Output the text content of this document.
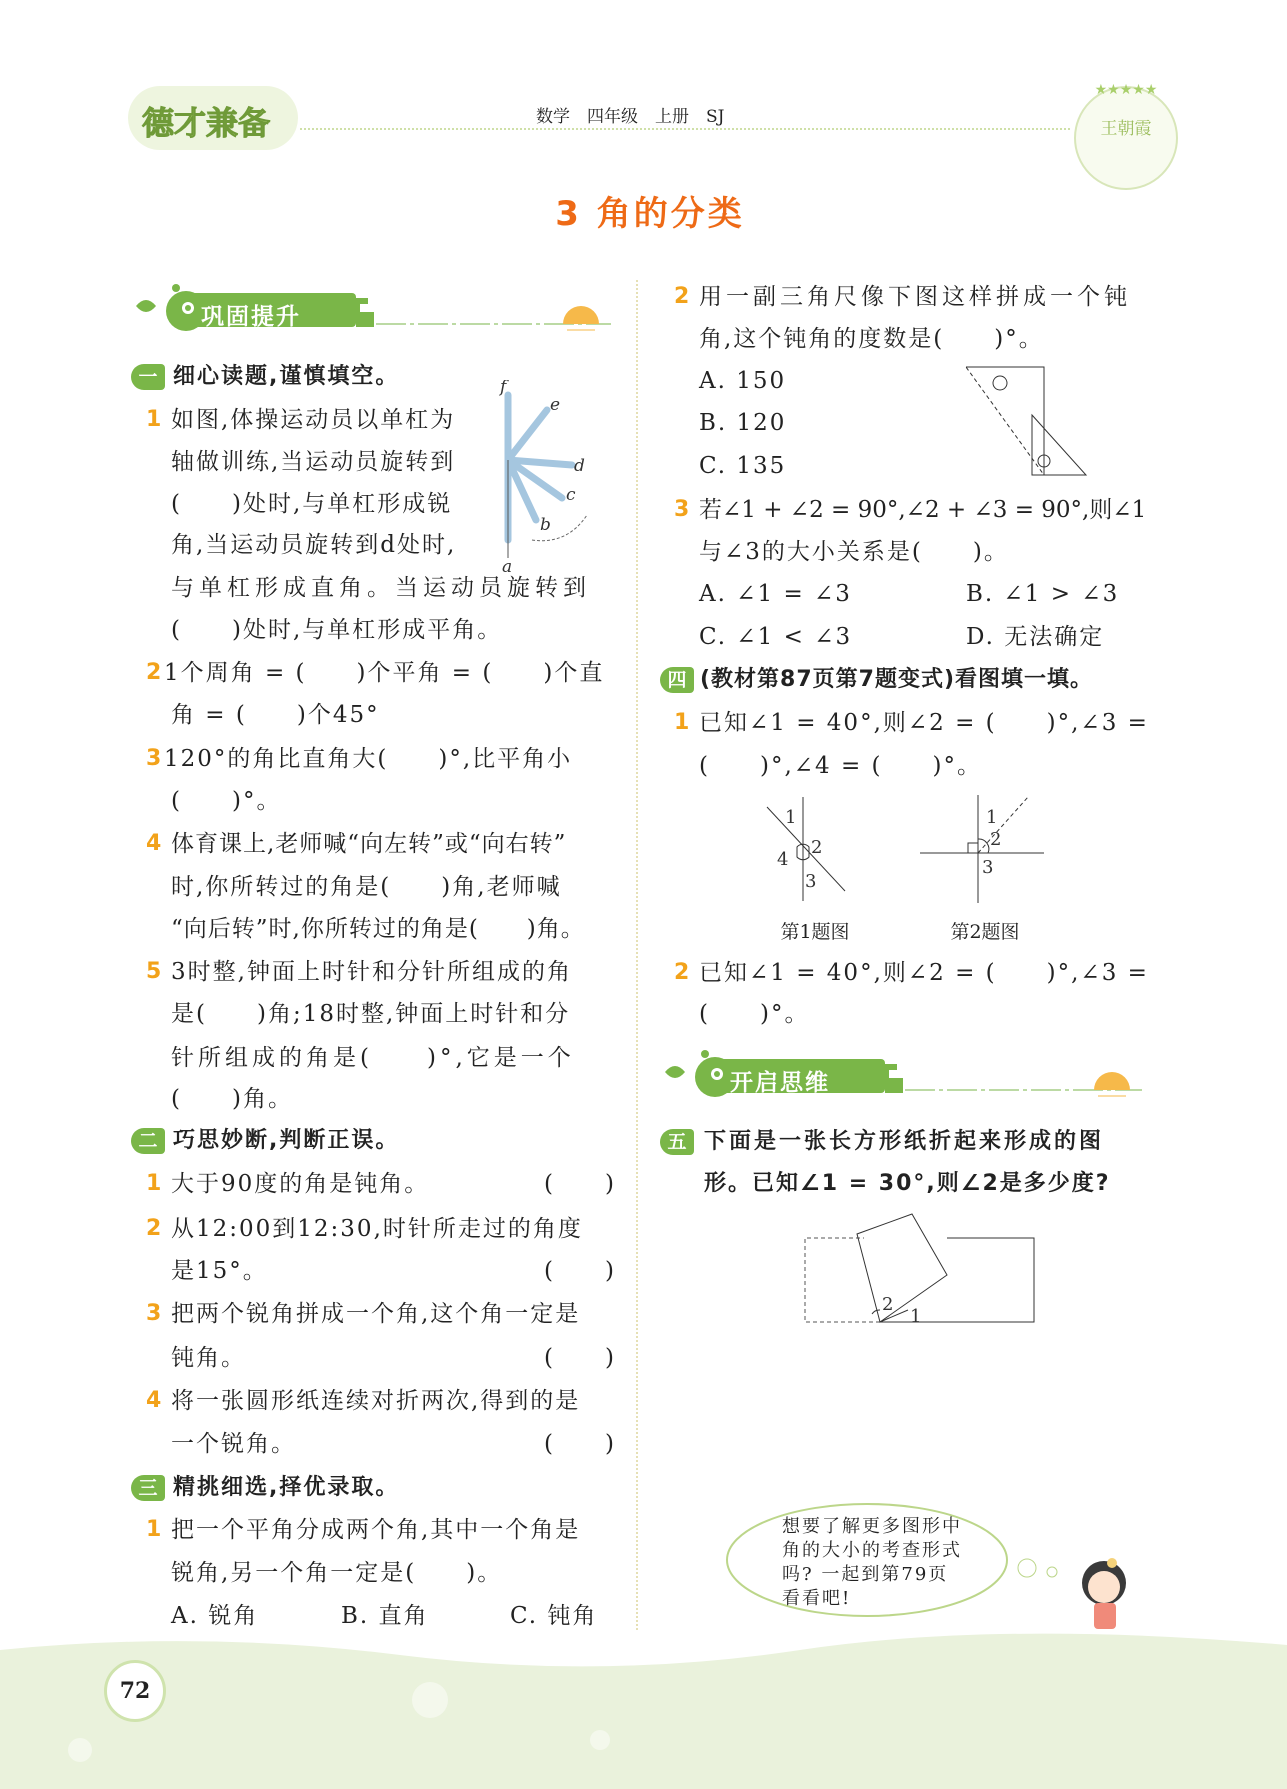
德才兼备	数学　四年级　上册　SJ
★★★★★
王朝霞
3 角的分类
巩固提升
一 细心读题,谨慎填空。
1 如图,体操运动员以单杠为
轴做训练,当运动员旋转到
(　　)处时,与单杠形成锐
角,当运动员旋转到d处时,
与单杠形成直角。当运动员旋转到
(　　)处时,与单杠形成平角。
f
e
d
c
b
a
2 1个周角 = (　　)个平角 = (　　)个直
角 = (　　)个45°
3 120°的角比直角大(　　)°,比平角小
(　　)°。
4 体育课上,老师喊“向左转”或“向右转”
时,你所转过的角是(　　)角,老师喊
“向后转”时,你所转过的角是(　　)角。
5 3时整,钟面上时针和分针所组成的角
是(　　)角;18时整,钟面上时针和分
针所组成的角是(　　)°,它是一个
(　　)角。
二 巧思妙断,判断正误。
1 大于90度的角是钝角。	(　　)
2 从12:00到12:30,时针所走过的角度
是15°。	(　　)
3 把两个锐角拼成一个角,这个角一定是
钝角。	(　　)
4 将一张圆形纸连续对折两次,得到的是
一个锐角。	(　　)
三 精挑细选,择优录取。
1 把一个平角分成两个角,其中一个角是
锐角,另一个角一定是(　　)。
A. 锐角	B. 直角	C. 钝角
2 用一副三角尺像下图这样拼成一个钝
角,这个钝角的度数是(　　)°。
A. 150
B. 120
C. 135
3 若∠1 + ∠2 = 90°,∠2 + ∠3 = 90°,则∠1
与∠3的大小关系是(　　)。
A. ∠1 = ∠3	B. ∠1 > ∠3
C. ∠1 < ∠3	D. 无法确定
四 (教材第87页第7题变式)看图填一填。
1 已知∠1 = 40°,则∠2 = (　　)°,∠3 =
(　　)°,∠4 = (　　)°。
1
2
3
4
1
2
3
第1题图	第2题图
2 已知∠1 = 40°,则∠2 = (　　)°,∠3 =
(　　)°。
开启思维
五 下面是一张长方形纸折起来形成的图
形。已知∠1 = 30°,则∠2是多少度?
2
1
想要了解更多图形中
角的大小的考查形式
吗? 一起到第79页
看看吧!
72
